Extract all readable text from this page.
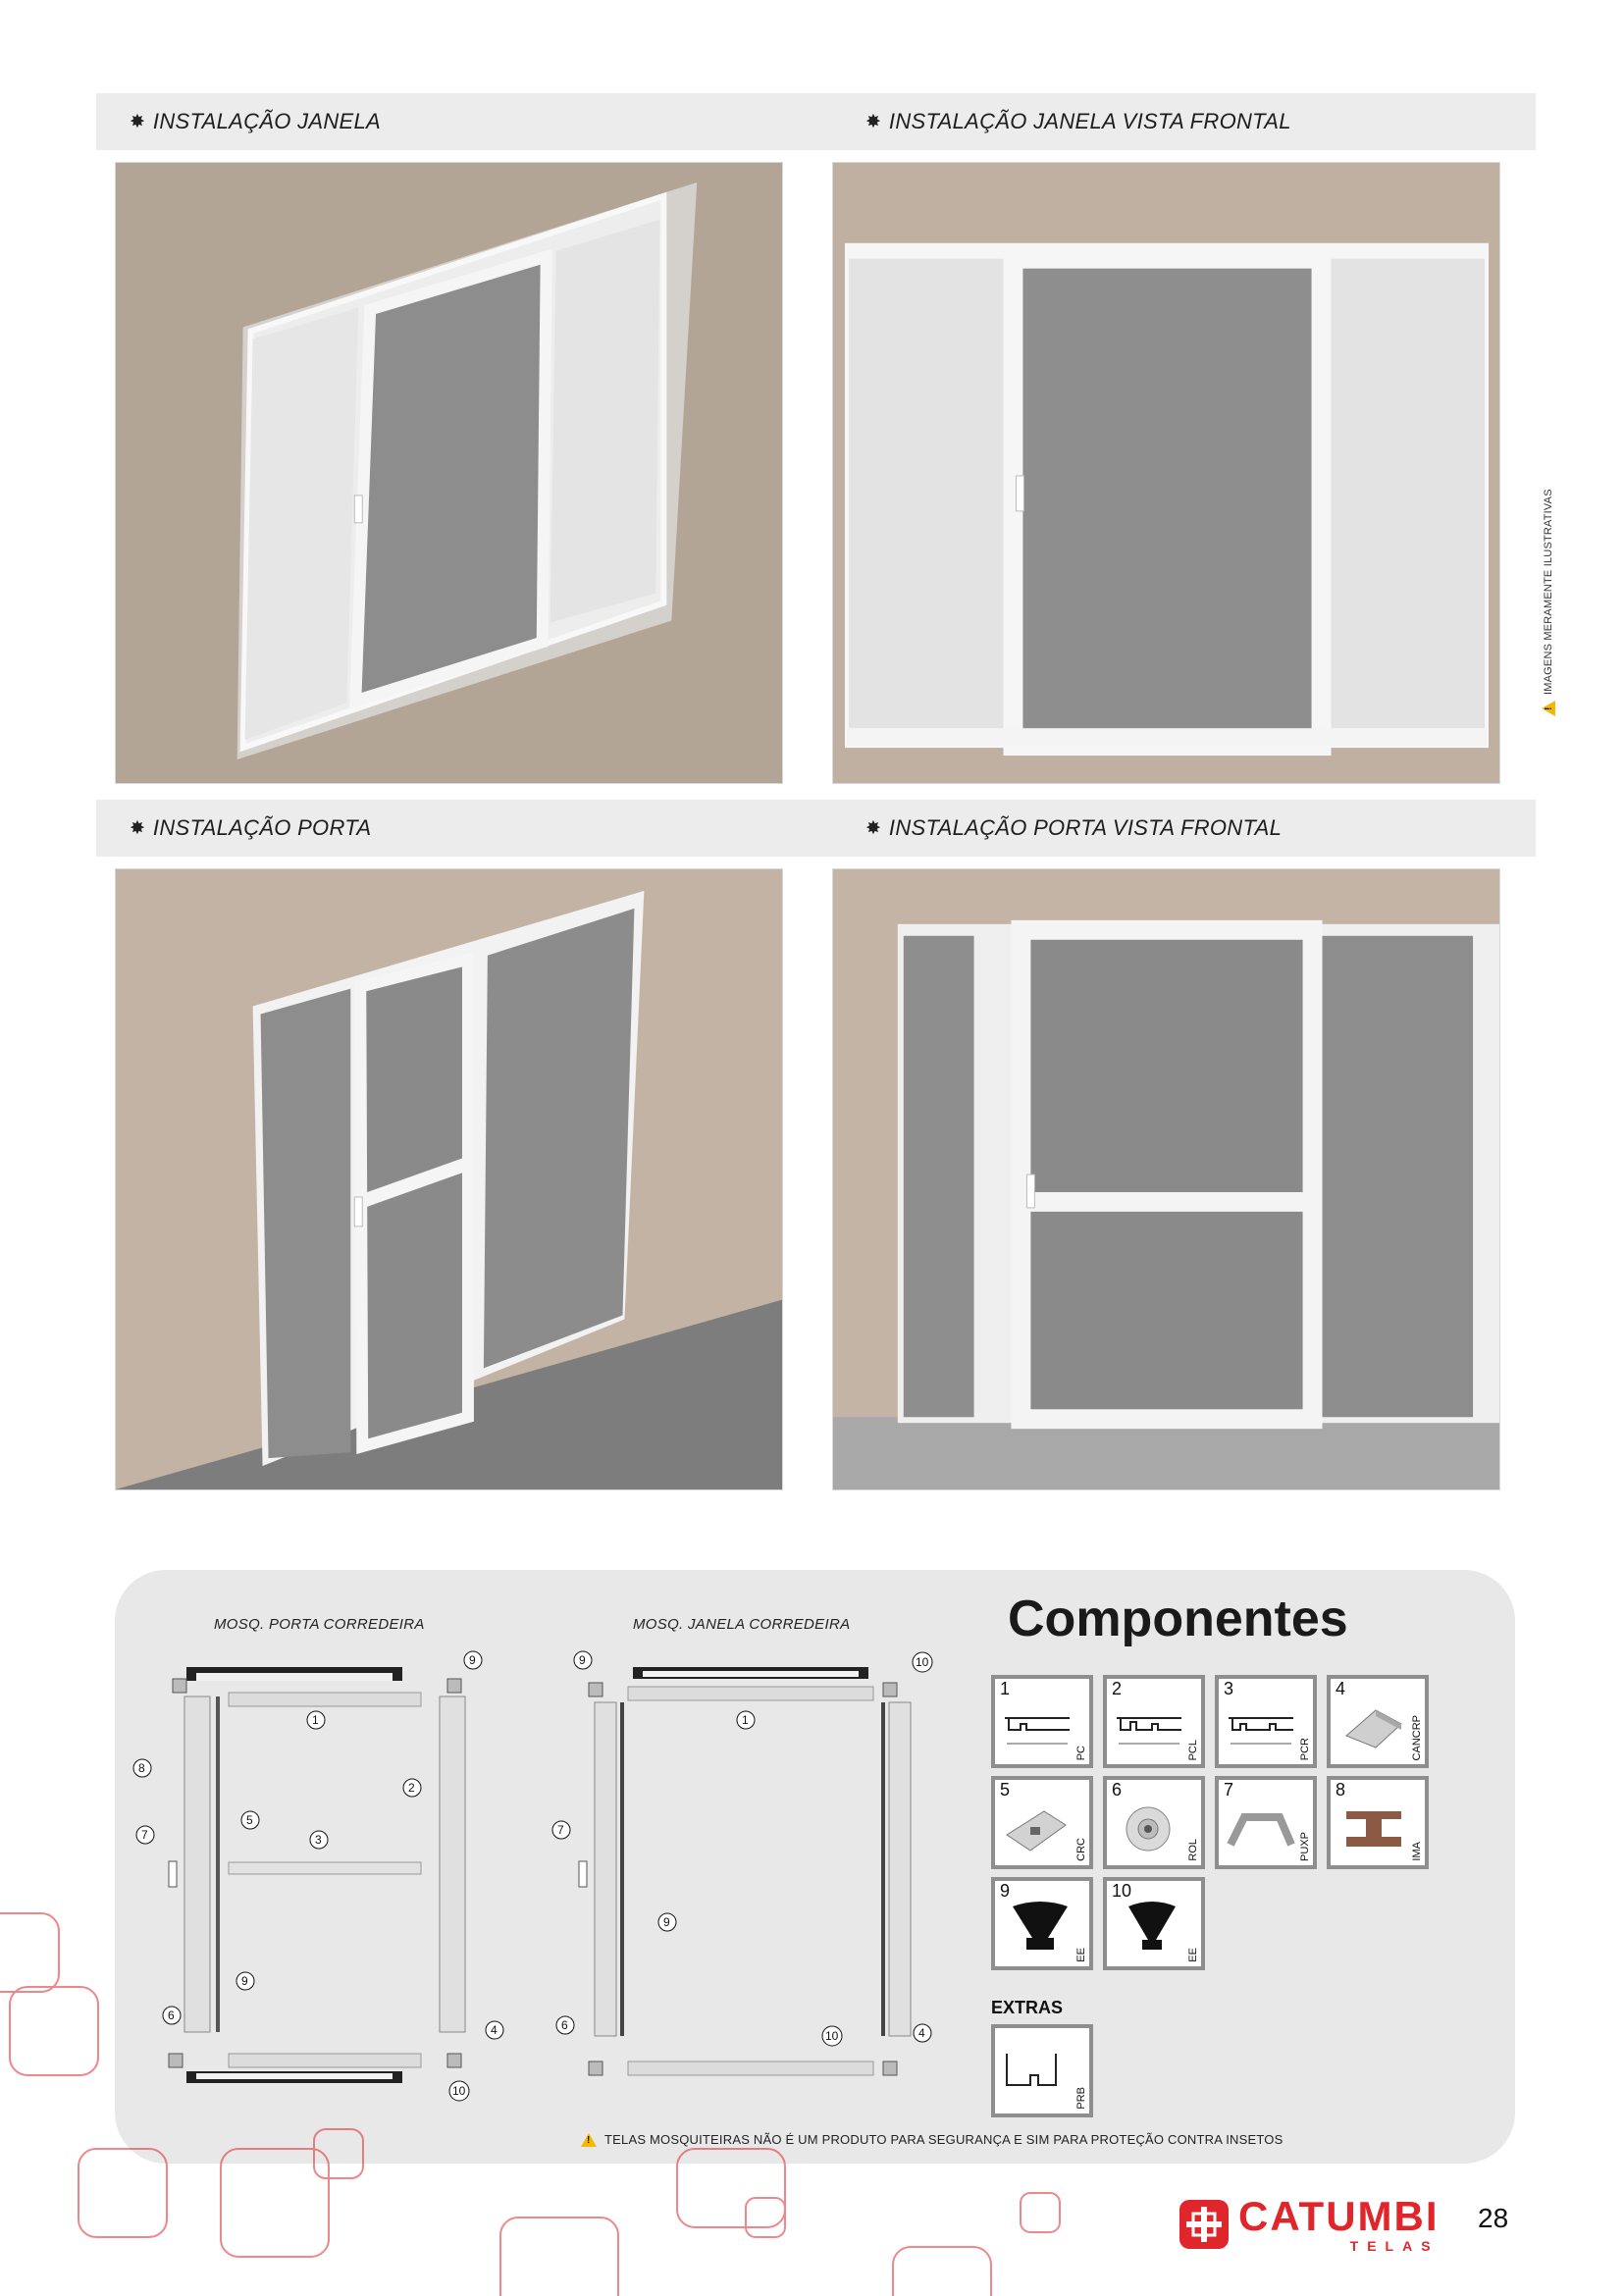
✸ INSTALAÇÃO JANELA	✸ INSTALAÇÃO JANELA VISTA FRONTAL
✸ INSTALAÇÃO PORTA	✸ INSTALAÇÃO PORTA VISTA FRONTAL
!
IMAGENS MERAMENTE ILUSTRATIVAS
MOSQ. PORTA CORREDEIRA	MOSQ. JANELA CORREDEIRA
1
2
3
4
5
6
7
8
9
9
10
1
4
6
7
9
9
10
10
Componentes
1
PC
2
PCL
3
PCR
4
CANCRP
5
CRC
6
ROL
7
PUXP
8
IMA
9
EE
10
EE
EXTRAS
PRB
!
TELAS MOSQUITEIRAS NÃO É UM PRODUTO PARA SEGURANÇA E SIM PARA PROTEÇÃO CONTRA INSETOS
CATUMBI
TELAS
28
